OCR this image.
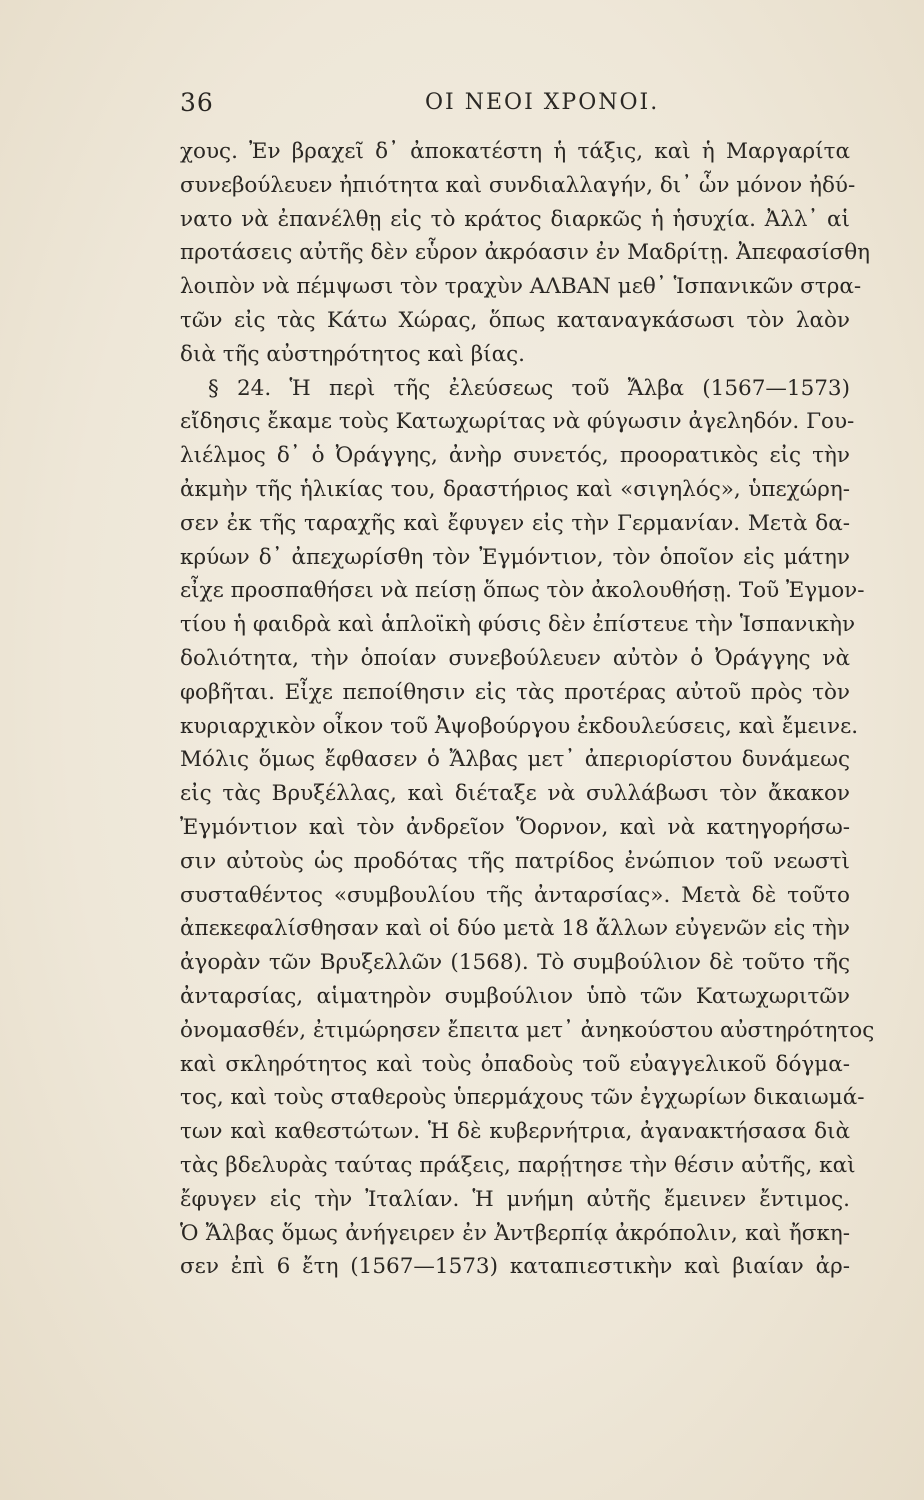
36	ΟΙ ΝΕΟΙ ΧΡΟΝΟΙ.
χους. Ἐν βραχεῖ δ᾽ ἀποκατέστη ἡ τάξις, καὶ ἡ Μαργαρίτα
συνεβούλευεν ἠπιότητα καὶ συνδιαλλαγήν, δι᾽ ὧν μόνον ἠδύ-
νατο νὰ ἐπανέλθῃ εἰς τὸ κράτος διαρκῶς ἡ ἡσυχία. Ἀλλ᾽ αἱ
προτάσεις αὐτῆς δὲν εὗρον ἀκρόασιν ἐν Μαδρίτῃ. Ἀπεφασίσθη
λοιπὸν νὰ πέμψωσι τὸν τραχὺν ΑΛΒΑΝ μεθ᾽ Ἱσπανικῶν στρα-
τῶν εἰς τὰς Κάτω Χώρας, ὅπως καταναγκάσωσι τὸν λαὸν
διὰ τῆς αὐστηρότητος καὶ βίας.
§ 24. Ἡ περὶ τῆς ἐλεύσεως τοῦ Ἄλβα (1567—1573)
εἴδησις ἔκαμε τοὺς Κατωχωρίτας νὰ φύγωσιν ἀγεληδόν. Γου-
λιέλμος δ᾽ ὁ Ὀράγγης, ἀνὴρ συνετός, προορατικὸς εἰς τὴν
ἀκμὴν τῆς ἡλικίας του, δραστήριος καὶ «σιγηλός», ὑπεχώρη-
σεν ἐκ τῆς ταραχῆς καὶ ἔφυγεν εἰς τὴν Γερμανίαν. Μετὰ δα-
κρύων δ᾽ ἀπεχωρίσθη τὸν Ἐγμόντιον, τὸν ὁποῖον εἰς μάτην
εἶχε προσπαθήσει νὰ πείσῃ ὅπως τὸν ἀκολουθήσῃ. Τοῦ Ἐγμον-
τίου ἡ φαιδρὰ καὶ ἁπλοϊκὴ φύσις δὲν ἐπίστευε τὴν Ἱσπανικὴν
δολιότητα, τὴν ὁποίαν συνεβούλευεν αὐτὸν ὁ Ὀράγγης νὰ
φοβῆται. Εἶχε πεποίθησιν εἰς τὰς προτέρας αὐτοῦ πρὸς τὸν
κυριαρχικὸν οἶκον τοῦ Ἀψοβούργου ἐκδουλεύσεις, καὶ ἔμεινε.
Μόλις ὅμως ἔφθασεν ὁ Ἄλβας μετ᾽ ἀπεριορίστου δυνάμεως
εἰς τὰς Βρυξέλλας, καὶ διέταξε νὰ συλλάβωσι τὸν ἄκακον
Ἐγμόντιον καὶ τὸν ἀνδρεῖον Ὅορνον, καὶ νὰ κατηγορήσω-
σιν αὐτοὺς ὡς προδότας τῆς πατρίδος ἐνώπιον τοῦ νεωστὶ
συσταθέντος «συμβουλίου τῆς ἀνταρσίας». Μετὰ δὲ τοῦτο
ἀπεκεφαλίσθησαν καὶ οἱ δύο μετὰ 18 ἄλλων εὐγενῶν εἰς τὴν
ἀγορὰν τῶν Βρυξελλῶν (1568). Τὸ συμβούλιον δὲ τοῦτο τῆς
ἀνταρσίας, αἱματηρὸν συμβούλιον ὑπὸ τῶν Κατωχωριτῶν
ὀνομασθέν, ἐτιμώρησεν ἔπειτα μετ᾽ ἀνηκούστου αὐστηρότητος
καὶ σκληρότητος καὶ τοὺς ὀπαδοὺς τοῦ εὐαγγελικοῦ δόγμα-
τος, καὶ τοὺς σταθεροὺς ὑπερμάχους τῶν ἐγχωρίων δικαιωμά-
των καὶ καθεστώτων. Ἡ δὲ κυβερνήτρια, ἀγανακτήσασα διὰ
τὰς βδελυρὰς ταύτας πράξεις, παρῄτησε τὴν θέσιν αὐτῆς, καὶ
ἔφυγεν εἰς τὴν Ἰταλίαν. Ἡ μνήμη αὐτῆς ἔμεινεν ἔντιμος.
Ὁ Ἄλβας ὅμως ἀνήγειρεν ἐν Ἀντβερπίᾳ ἀκρόπολιν, καὶ ἤσκη-
σεν ἐπὶ 6 ἔτη (1567—1573) καταπιεστικὴν καὶ βιαίαν ἀρ-
